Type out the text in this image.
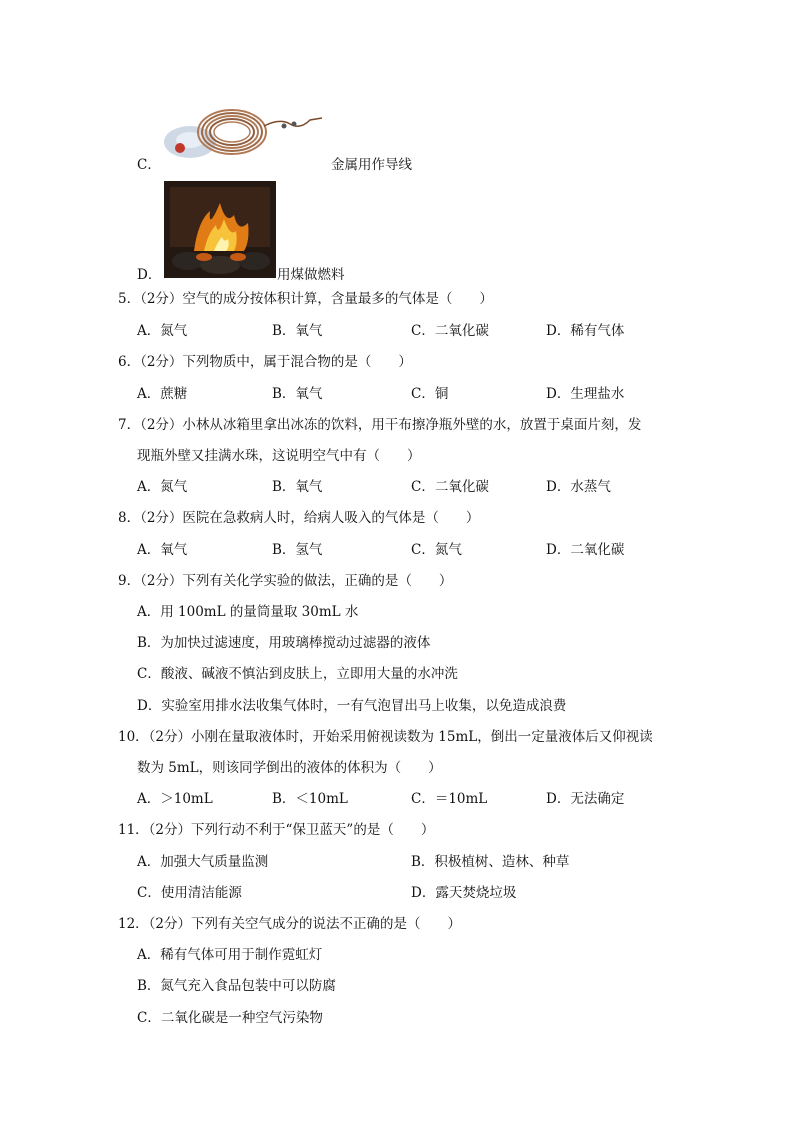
C．	金属用作导线
D．	用煤做燃料
5．（2分）空气的成分按体积计算，含量最多的气体是（　　）
A．氮气	B．氧气	C．二氧化碳	D．稀有气体
6．（2分）下列物质中，属于混合物的是（　　）
A．蔗糖	B．氧气	C．铜	D．生理盐水
7．（2分）小林从冰箱里拿出冰冻的饮料，用干布擦净瓶外壁的水，放置于桌面片刻，发
现瓶外壁又挂满水珠，这说明空气中有（　　）
A．氮气	B．氧气	C．二氧化碳	D．水蒸气
8．（2分）医院在急救病人时，给病人吸入的气体是（　　）
A．氧气	B．氢气	C．氮气	D．二氧化碳
9．（2分）下列有关化学实验的做法，正确的是（　　）
A．用 100mL 的量筒量取 30mL 水
B．为加快过滤速度，用玻璃棒搅动过滤器的液体
C．酸液、碱液不慎沾到皮肤上，立即用大量的水冲洗
D．实验室用排水法收集气体时，一有气泡冒出马上收集，以免造成浪费
10．（2分）小刚在量取液体时，开始采用俯视读数为 15mL，倒出一定量液体后又仰视读
数为 5mL，则该同学倒出的液体的体积为（　　）
A．＞10mL	B．＜10mL	C．＝10mL	D．无法确定
11．（2分）下列行动不利于“保卫蓝天”的是（　　）
A．加强大气质量监测	B．积极植树、造林、种草
C．使用清洁能源	D．露天焚烧垃圾
12．（2分）下列有关空气成分的说法不正确的是（　　）
A．稀有气体可用于制作霓虹灯
B．氮气充入食品包装中可以防腐
C．二氧化碳是一种空气污染物
